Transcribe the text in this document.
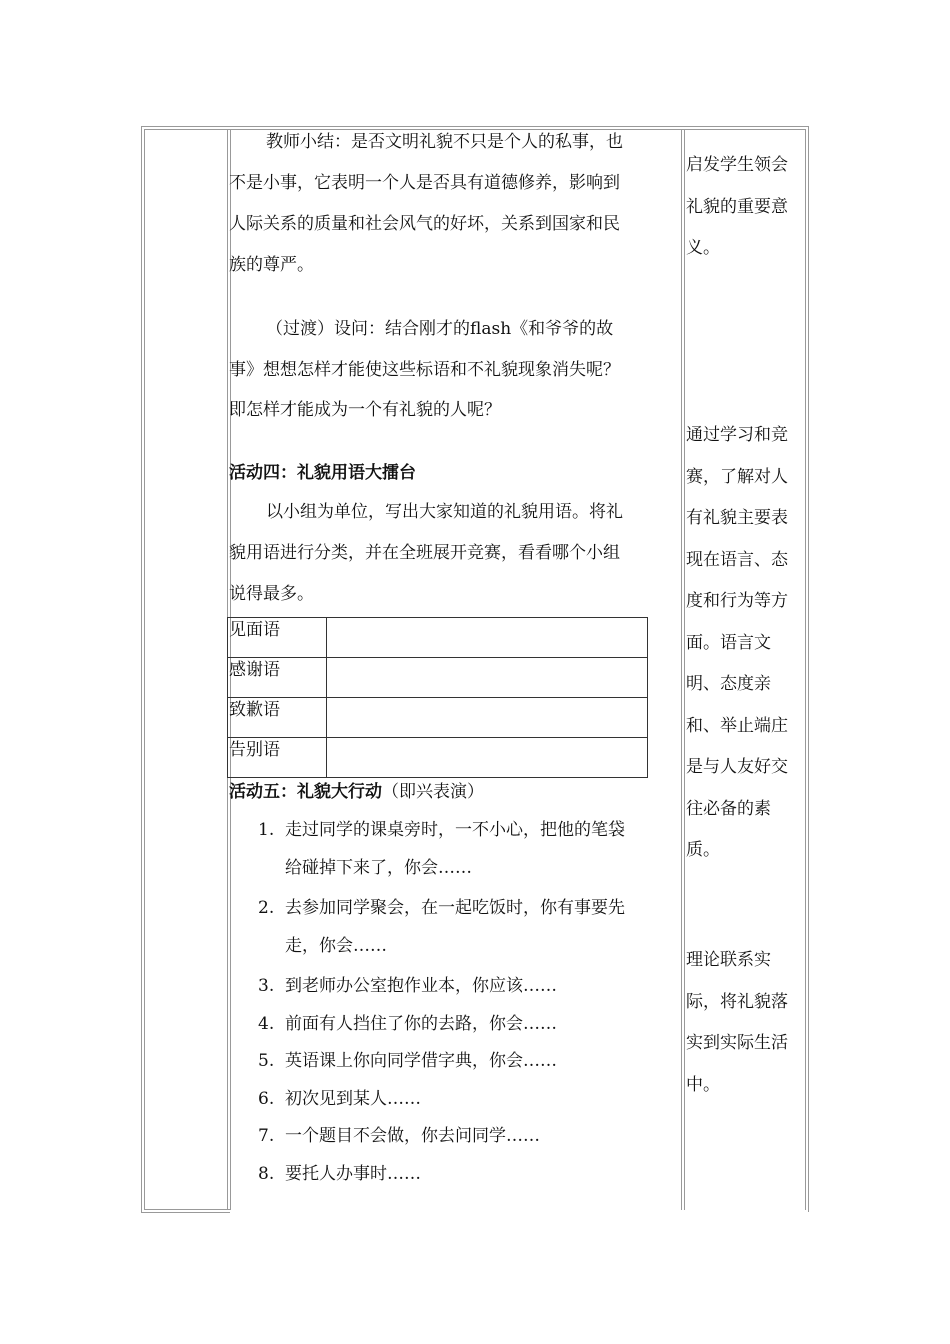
教师小结：是否文明礼貌不只是个人的私事，也
不是小事，它表明一个人是否具有道德修养，影响到
人际关系的质量和社会风气的好坏，关系到国家和民
族的尊严。
（过渡）设问：结合刚才的flash《和爷爷的故
事》想想怎样才能使这些标语和不礼貌现象消失呢？
即怎样才能成为一个有礼貌的人呢？
活动四：礼貌用语大擂台
以小组为单位，写出大家知道的礼貌用语。将礼
貌用语进行分类，并在全班展开竞赛，看看哪个小组
说得最多。
见面语	
感谢语	
致歉语	
告别语	
活动五：礼貌大行动（即兴表演）
1. 走过同学的课桌旁时，一不小心，把他的笔袋
给碰掉下来了，你会……
2. 去参加同学聚会，在一起吃饭时，你有事要先
走，你会……
3. 到老师办公室抱作业本，你应该……
4. 前面有人挡住了你的去路，你会……
5. 英语课上你向同学借字典，你会……
6. 初次见到某人……
7. 一个题目不会做，你去问同学……
8. 要托人办事时……
启发学生领会
礼貌的重要意
义。
通过学习和竞
赛，了解对人
有礼貌主要表
现在语言、态
度和行为等方
面。语言文
明、态度亲
和、举止端庄
是与人友好交
往必备的素
质。
理论联系实
际，将礼貌落
实到实际生活
中。
